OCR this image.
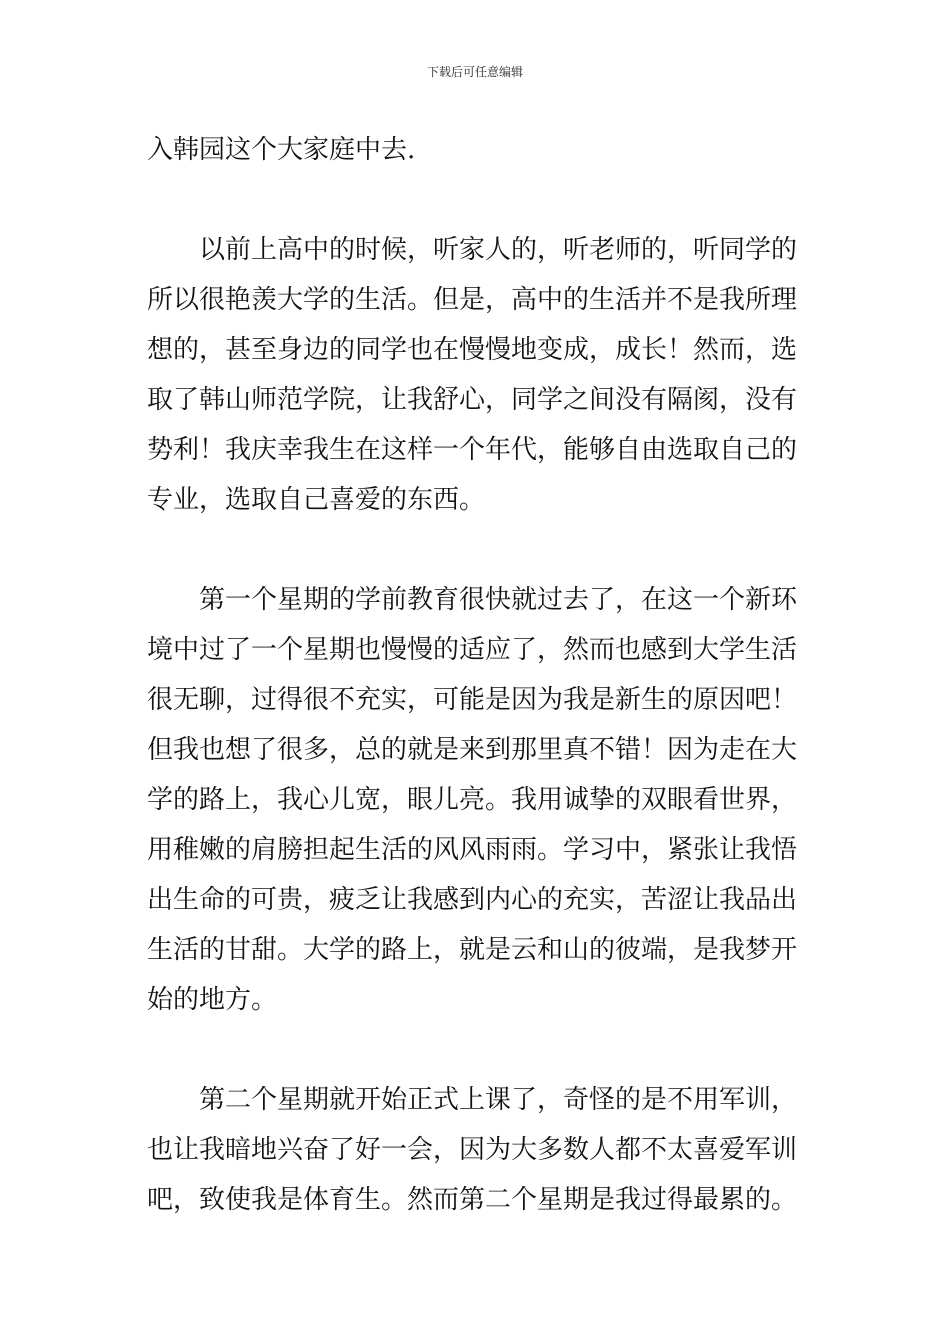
下载后可任意编辑
入韩园这个大家庭中去.
以前上高中的时候，听家人的，听老师的，听同学的
所以很艳羡大学的生活。但是，高中的生活并不是我所理
想的，甚至身边的同学也在慢慢地变成，成长！然而，选
取了韩山师范学院，让我舒心，同学之间没有隔阂，没有
势利！我庆幸我生在这样一个年代，能够自由选取自己的
专业，选取自己喜爱的东西。
第一个星期的学前教育很快就过去了，在这一个新环
境中过了一个星期也慢慢的适应了，然而也感到大学生活
很无聊，过得很不充实，可能是因为我是新生的原因吧！
但我也想了很多，总的就是来到那里真不错！因为走在大
学的路上，我心儿宽，眼儿亮。我用诚挚的双眼看世界，
用稚嫩的肩膀担起生活的风风雨雨。学习中，紧张让我悟
出生命的可贵，疲乏让我感到内心的充实，苦涩让我品出
生活的甘甜。大学的路上，就是云和山的彼端，是我梦开
始的地方。
第二个星期就开始正式上课了，奇怪的是不用军训，
也让我暗地兴奋了好一会，因为大多数人都不太喜爱军训
吧，致使我是体育生。然而第二个星期是我过得最累的。
